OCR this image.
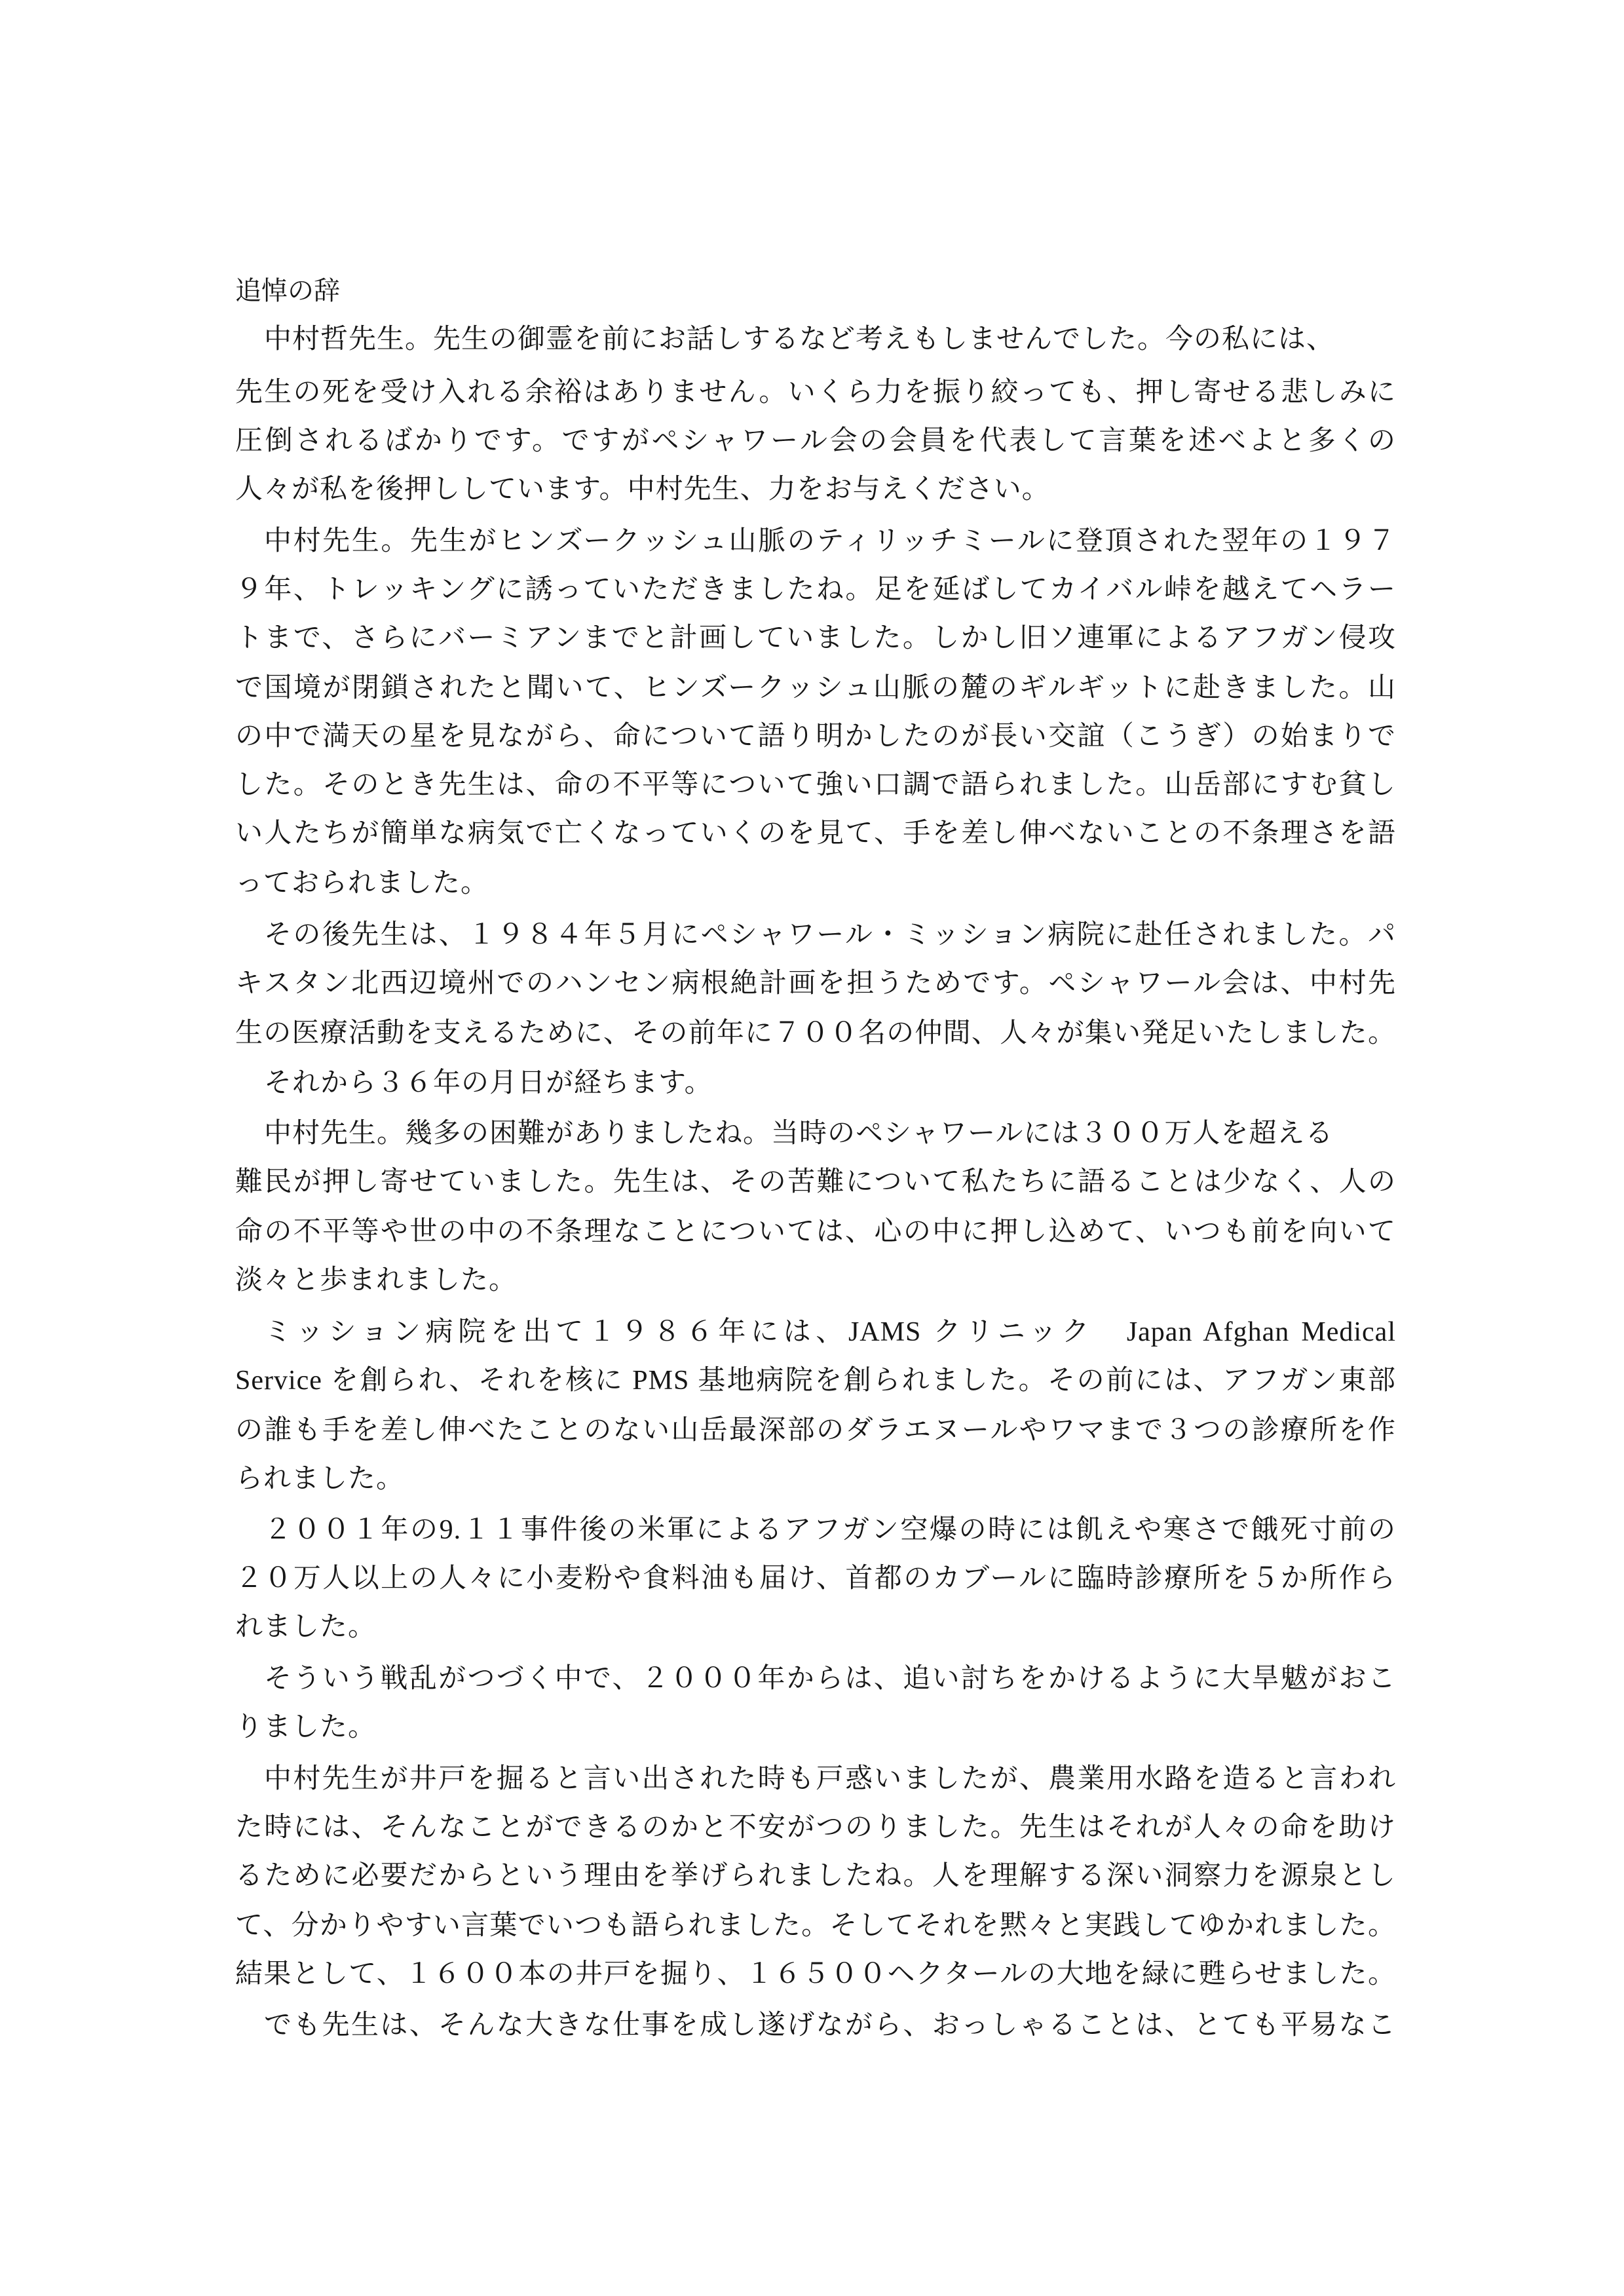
追悼の辞
中村哲先生。先生の御霊を前にお話しするなど考えもしませんでした。今の私には、
先生の死を受け入れる余裕はありません。いくら力を振り絞っても、押し寄せる悲しみに
圧倒されるばかりです。ですがペシャワール会の会員を代表して言葉を述べよと多くの
人々が私を後押ししています。中村先生、力をお与えください。
中村先生。先生がヒンズークッシュ山脈のティリッチミールに登頂された翌年の１９７
９年、トレッキングに誘っていただきましたね。足を延ばしてカイバル峠を越えてヘラー
トまで、さらにバーミアンまでと計画していました。しかし旧ソ連軍によるアフガン侵攻
で国境が閉鎖されたと聞いて、ヒンズークッシュ山脈の麓のギルギットに赴きました。山
の中で満天の星を見ながら、命について語り明かしたのが長い交誼（こうぎ）の始まりで
した。そのとき先生は、命の不平等について強い口調で語られました。山岳部にすむ貧し
い人たちが簡単な病気で亡くなっていくのを見て、手を差し伸べないことの不条理さを語
っておられました。
その後先生は、１９８４年５月にペシャワール・ミッション病院に赴任されました。パ
キスタン北西辺境州でのハンセン病根絶計画を担うためです。ペシャワール会は、中村先
生の医療活動を支えるために、その前年に７００名の仲間、人々が集い発足いたしました。
それから３６年の月日が経ちます。
中村先生。幾多の困難がありましたね。当時のペシャワールには３００万人を超える
難民が押し寄せていました。先生は、その苦難について私たちに語ることは少なく、人の
命の不平等や世の中の不条理なことについては、心の中に押し込めて、いつも前を向いて
淡々と歩まれました。
ミッション病院を出て１９８６年には、JAMS クリニック　Japan Afghan Medical
Service を創られ、それを核に PMS 基地病院を創られました。その前には、アフガン東部
の誰も手を差し伸べたことのない山岳最深部のダラエヌールやワマまで３つの診療所を作
られました。
２００１年の9.１１事件後の米軍によるアフガン空爆の時には飢えや寒さで餓死寸前の
２０万人以上の人々に小麦粉や食料油も届け、首都のカブールに臨時診療所を５か所作ら
れました。
そういう戦乱がつづく中で、２０００年からは、追い討ちをかけるように大旱魃がおこ
りました。
中村先生が井戸を掘ると言い出された時も戸惑いましたが、農業用水路を造ると言われ
た時には、そんなことができるのかと不安がつのりました。先生はそれが人々の命を助け
るために必要だからという理由を挙げられましたね。人を理解する深い洞察力を源泉とし
て、分かりやすい言葉でいつも語られました。そしてそれを黙々と実践してゆかれました。
結果として、１６００本の井戸を掘り、１６５００ヘクタールの大地を緑に甦らせました。
でも先生は、そんな大きな仕事を成し遂げながら、おっしゃることは、とても平易なこ
